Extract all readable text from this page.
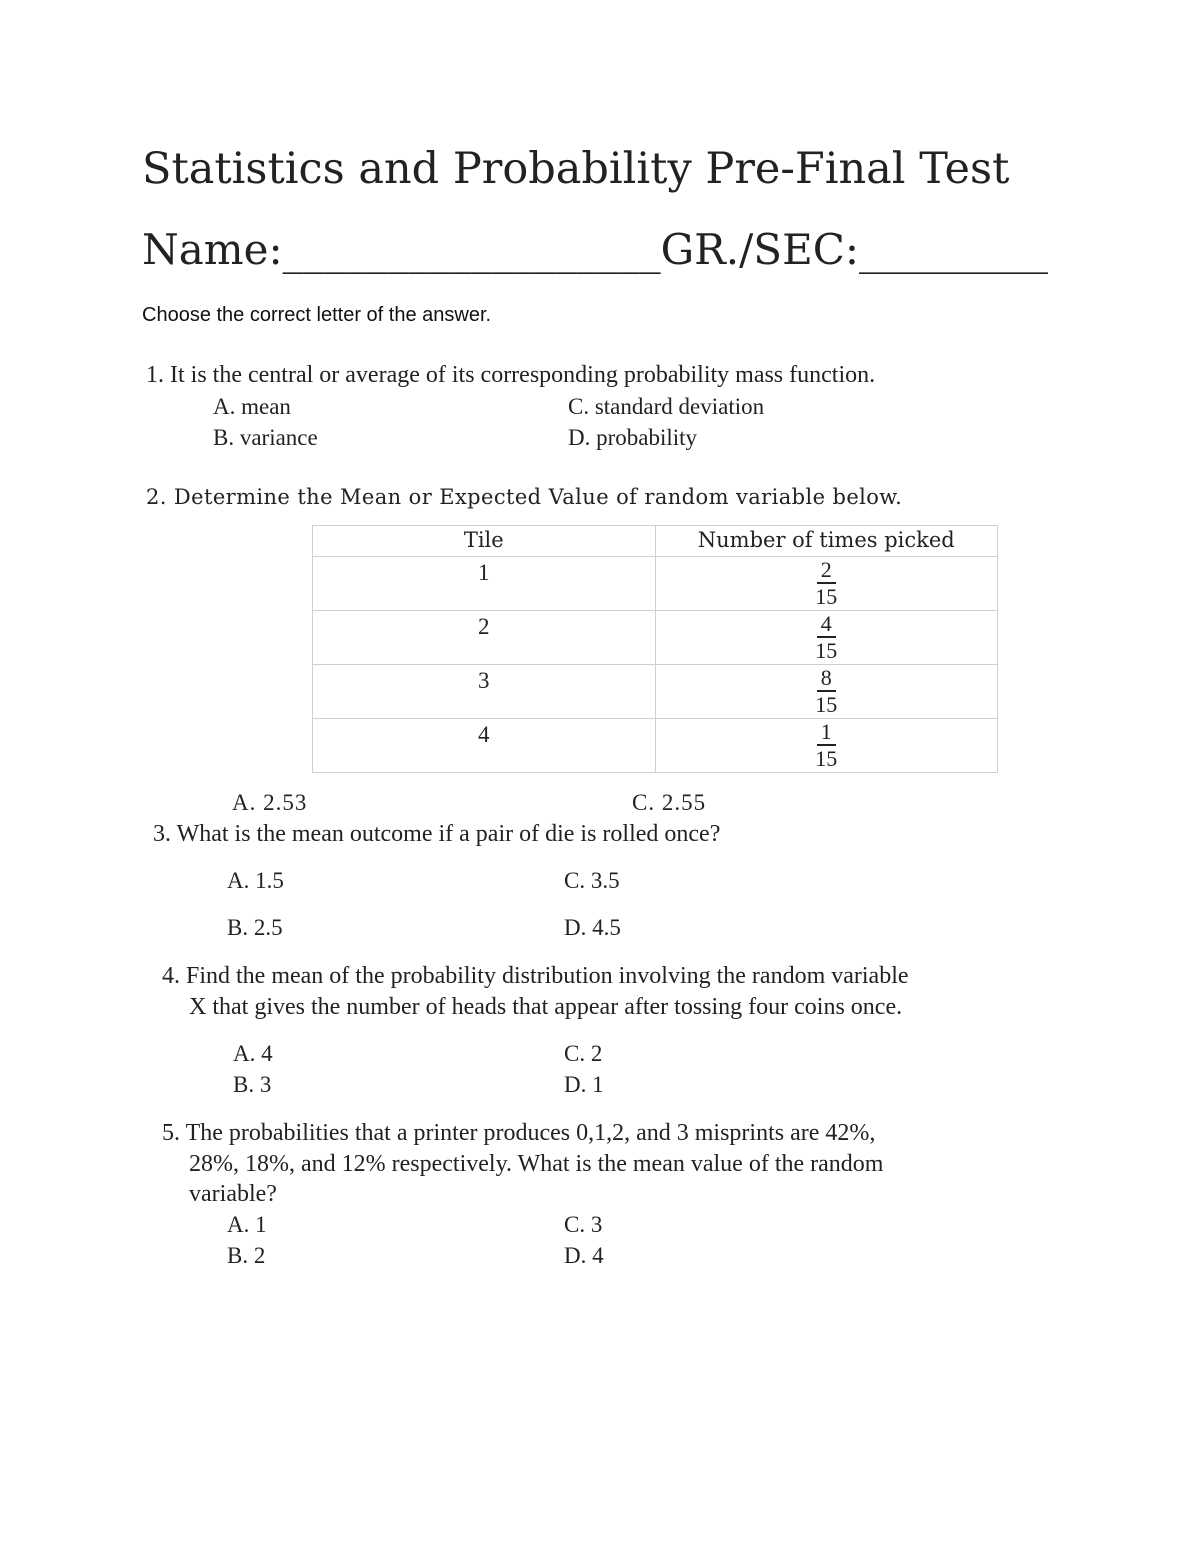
Statistics and Probability Pre-Final Test
Name:__________________GR./SEC:_________
Choose the correct letter of the answer.
1. It is the central or average of its corresponding probability mass function.
A. mean	C. standard deviation
B. variance	D. probability
2. Determine the Mean or Expected Value of random variable below.
Tile	Number of times picked
1	$\frac{2}{15}$

2	$\frac{4}{15}$

3	$\frac{8}{15}$

4	$\frac{1}{15}$
A. 2.53	C. 2.55
3. What is the mean outcome if a pair of die is rolled once?
A. 1.5	C. 3.5
B. 2.5	D. 4.5
4. Find the mean of the probability distribution involving the random variable
X that gives the number of heads that appear after tossing four coins once.
A. 4	C. 2
B. 3	D. 1
5. The probabilities that a printer produces 0,1,2, and 3 misprints are 42%,
28%, 18%, and 12% respectively. What is the mean value of the random
variable?
A. 1	C. 3
B. 2	D. 4
